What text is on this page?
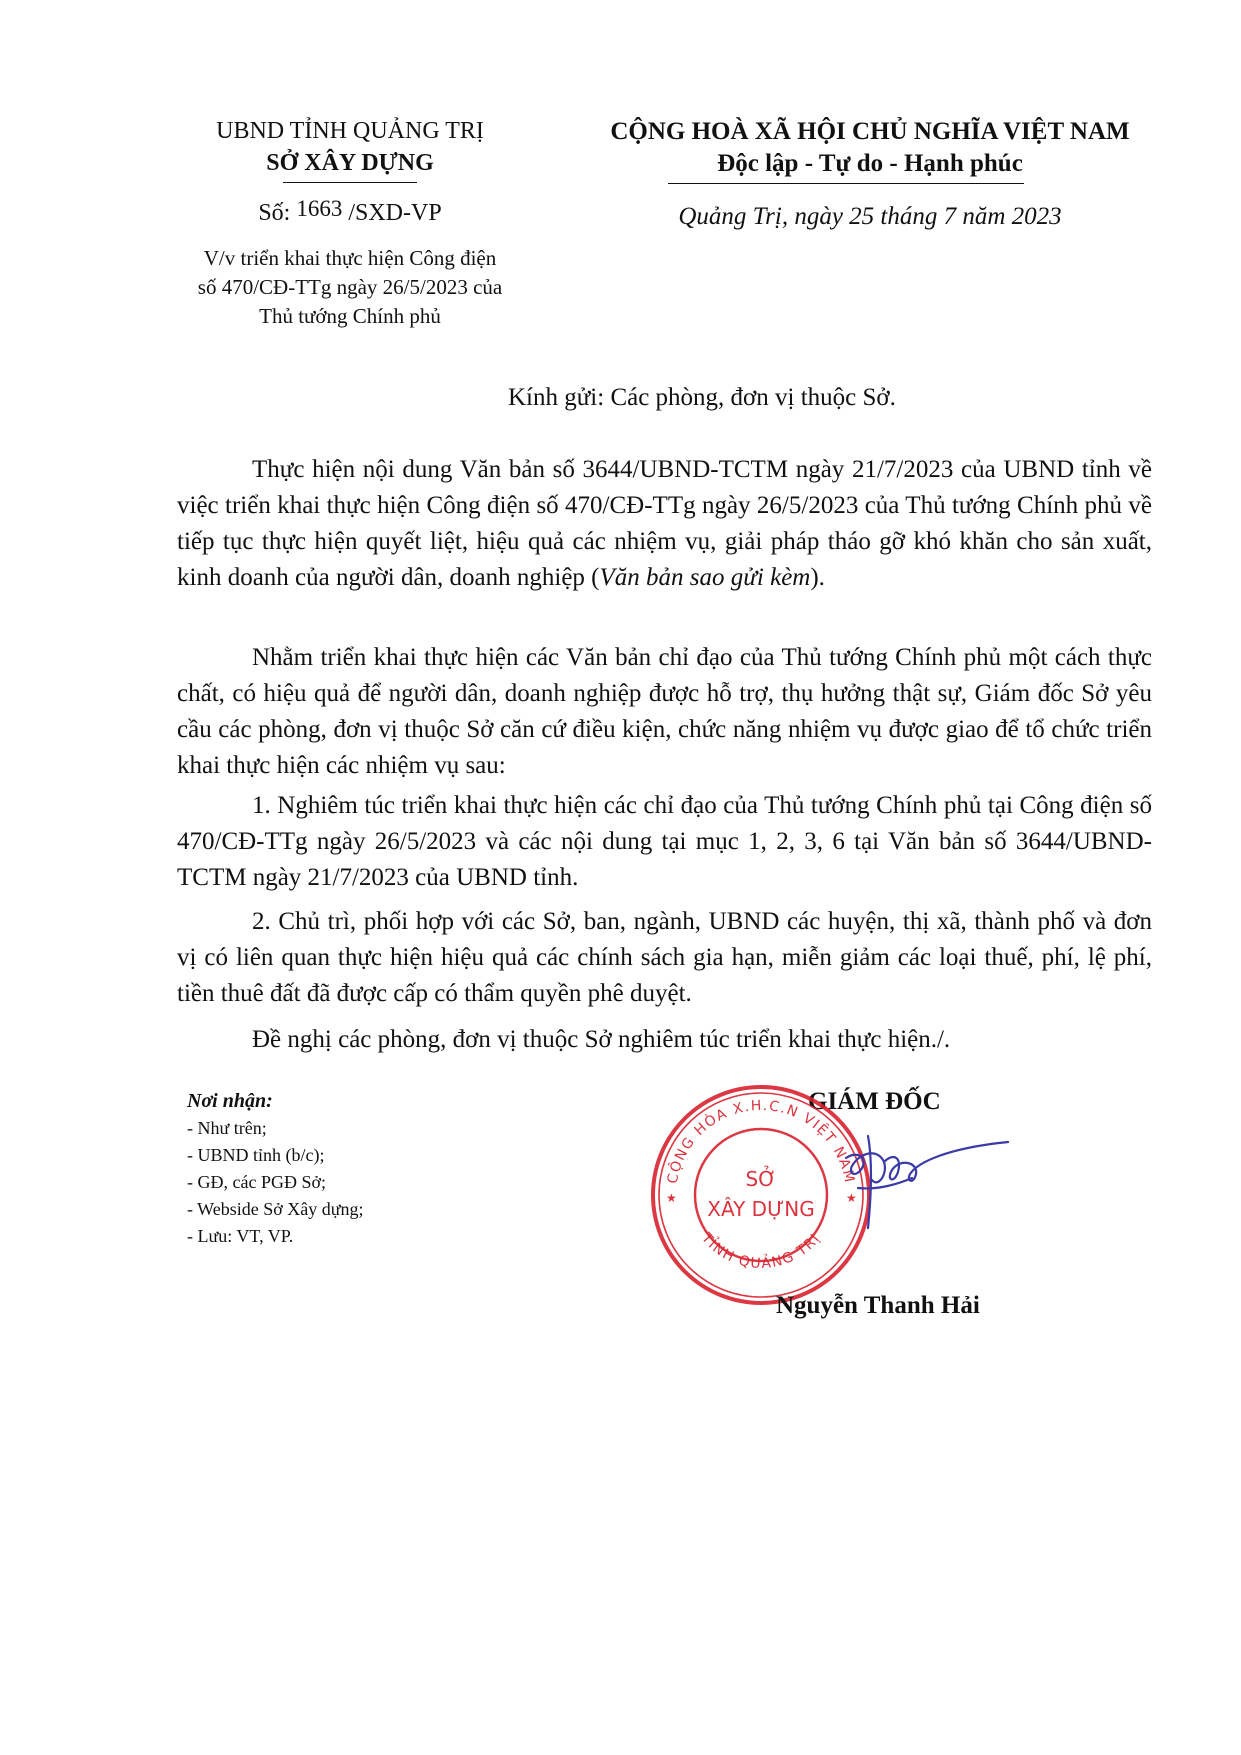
UBND TỈNH QUẢNG TRỊ
SỞ XÂY DỰNG
Số: 1663 /SXD-VP
V/v triển khai thực hiện Công điện
số 470/CĐ-TTg ngày 26/5/2023 của
Thủ tướng Chính phủ
CỘNG HOÀ XÃ HỘI CHỦ NGHĨA VIỆT NAM
Độc lập - Tự do - Hạnh phúc
Quảng Trị, ngày 25 tháng 7 năm 2023
Kính gửi: Các phòng, đơn vị thuộc Sở.

Thực hiện nội dung Văn bản số 3644/UBND-TCTM ngày 21/7/2023 của UBND tỉnh về việc triển khai thực hiện Công điện số 470/CĐ-TTg ngày 26/5/2023 của Thủ tướng Chính phủ về tiếp tục thực hiện quyết liệt, hiệu quả các nhiệm vụ, giải pháp tháo gỡ khó khăn cho sản xuất, kinh doanh của người dân, doanh nghiệp (Văn bản sao gửi kèm).

Nhằm triển khai thực hiện các Văn bản chỉ đạo của Thủ tướng Chính phủ một cách thực chất, có hiệu quả để người dân, doanh nghiệp được hỗ trợ, thụ hưởng thật sự, Giám đốc Sở yêu cầu các phòng, đơn vị thuộc Sở căn cứ điều kiện, chức năng nhiệm vụ được giao để tổ chức triển khai thực hiện các nhiệm vụ sau:

1. Nghiêm túc triển khai thực hiện các chỉ đạo của Thủ tướng Chính phủ tại Công điện số 470/CĐ-TTg ngày 26/5/2023 và các nội dung tại mục 1, 2, 3, 6 tại Văn bản số 3644/UBND-TCTM ngày 21/7/2023 của UBND tỉnh.

2. Chủ trì, phối hợp với các Sở, ban, ngành, UBND các huyện, thị xã, thành phố và đơn vị có liên quan thực hiện hiệu quả các chính sách gia hạn, miễn giảm các loại thuế, phí, lệ phí, tiền thuê đất đã được cấp có thẩm quyền phê duyệt.

Đề nghị các phòng, đơn vị thuộc Sở nghiêm túc triển khai thực hiện./.

Nơi nhận:
- Như trên;
- UBND tỉnh (b/c);
- GĐ, các PGĐ Sở;
- Webside Sở Xây dựng;
- Lưu: VT, VP.
GIÁM ĐỐC
CỘNG HÒA X.H.C.N VIỆT NAM
TỈNH QUẢNG TRỊ
SỞ
XÂY DỰNG
★	★
Nguyễn Thanh Hải
